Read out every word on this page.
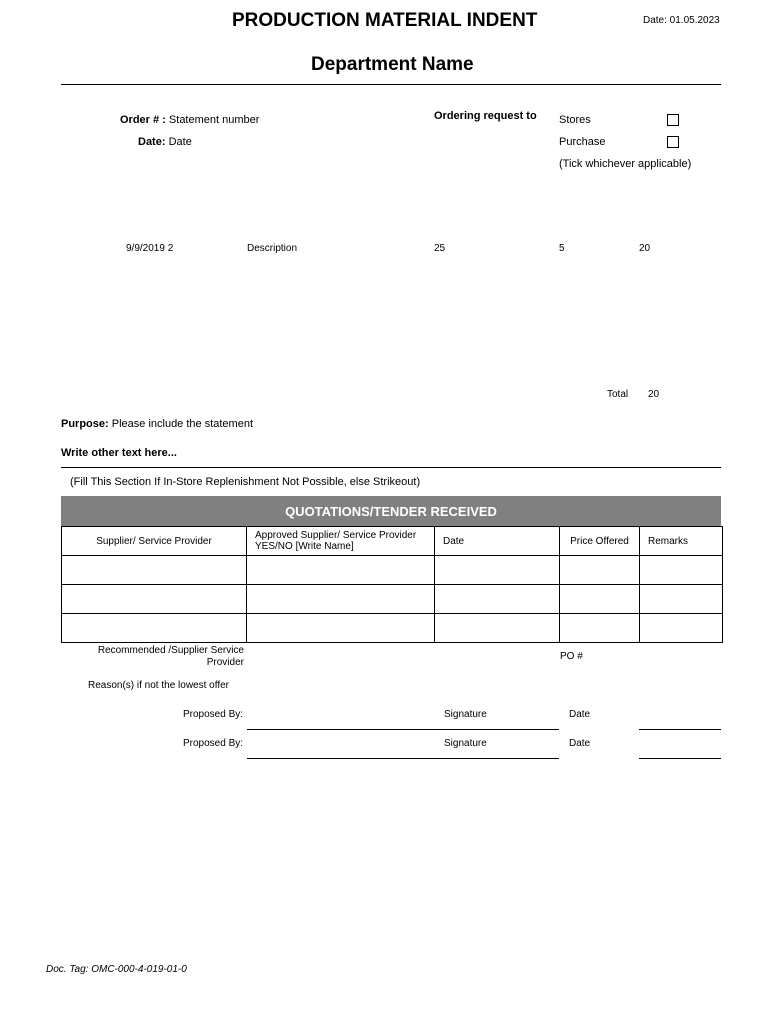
PRODUCTION MATERIAL INDENT	Date: 01.05.2023
Department Name
Order # : Statement number
Date: Date
Ordering request to Stores
Purchase
(Tick whichever applicable)
9/9/2019 2	Description	25	5	20
Total 20
Purpose: Please include the statement
Write other text here...
(Fill This Section If In-Store Replenishment Not Possible, else Strikeout)
QUOTATIONS/TENDER RECEIVED
Supplier/ Service Provider	Approved Supplier/ Service Provider YES/NO [Write Name]	Date	Price Offered	Remarks

Recommended /Supplier Service Provider
PO #
Reason(s) if not the lowest offer
Proposed By:	Signature	Date
Proposed By:	Signature	Date
Doc. Tag: OMC-000-4-019-01-0
